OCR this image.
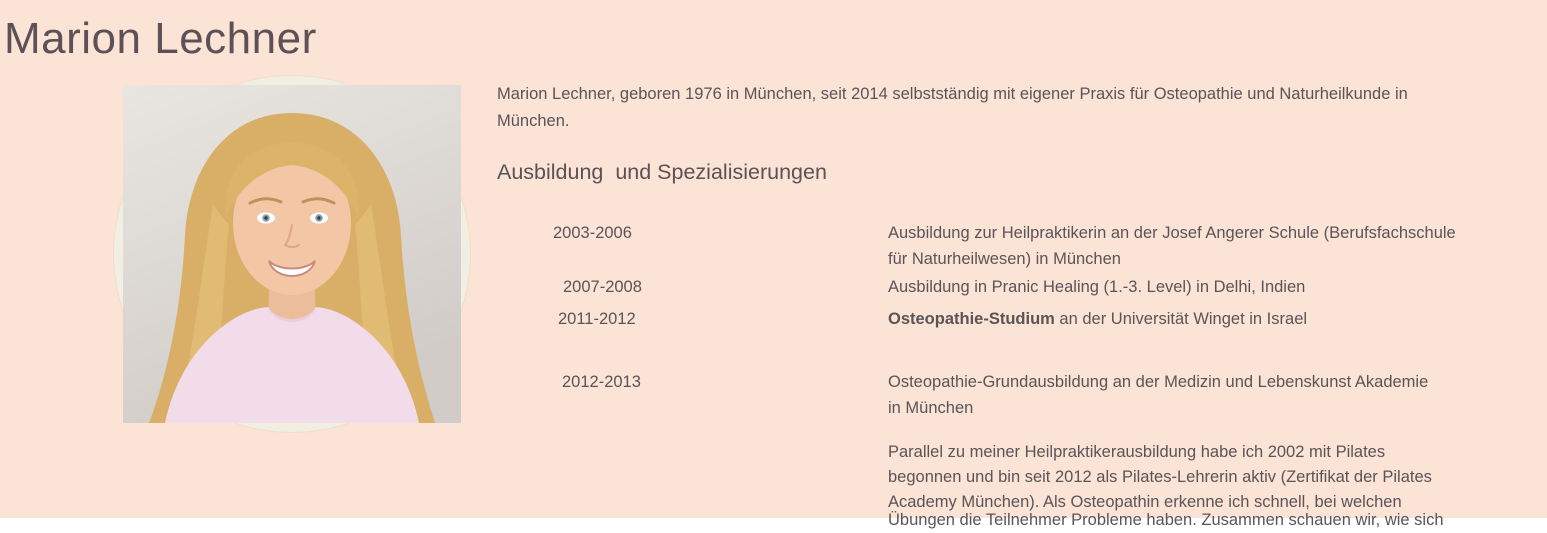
Marion Lechner
Marion Lechner, geboren 1976 in München, seit 2014 selbstständig mit eigener Praxis für Osteopathie und Naturheilkunde in
München.
Ausbildung  und Spezialisierungen
2003-2006	Ausbildung zur Heilpraktikerin an der Josef Angerer Schule (Berufsfachschule
für Naturheilwesen) in München
2007-2008	Ausbildung in Pranic Healing (1.-3. Level) in Delhi, Indien
2011-2012	Osteopathie-Studium an der Universität Winget in Israel
2012-2013	Osteopathie-Grundausbildung an der Medizin und Lebenskunst Akademie
in München
Parallel zu meiner Heilpraktikerausbildung habe ich 2002 mit Pilates
begonnen und bin seit 2012 als Pilates-Lehrerin aktiv (Zertifikat der Pilates
Academy München). Als Osteopathin erkenne ich schnell, bei welchen
Übungen die Teilnehmer Probleme haben. Zusammen schauen wir, wie sich
